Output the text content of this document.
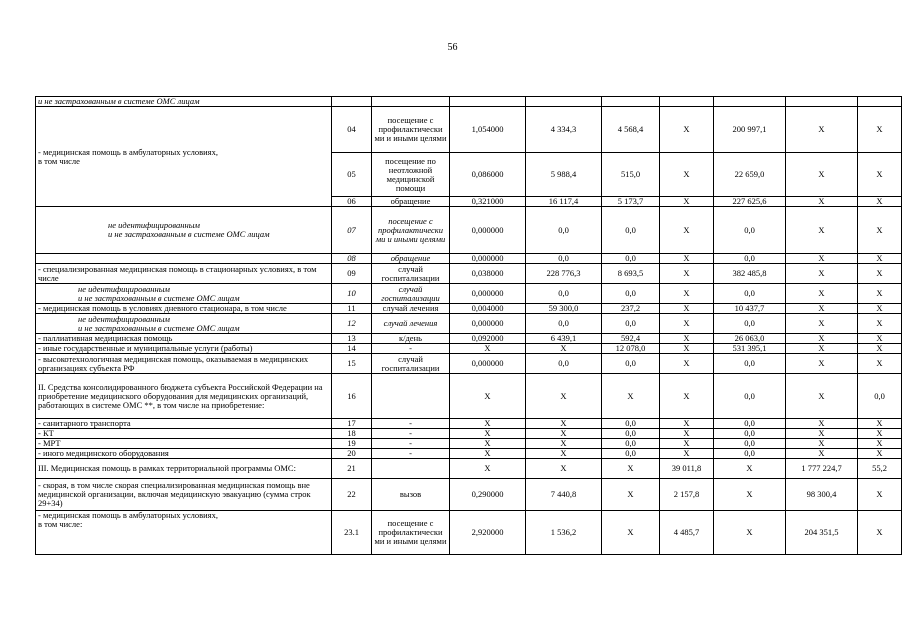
56
и не застрахованным в системе ОМС лицам									

- медицинская помощь в амбулаторных условиях,
в том числе	04	посещение с профилактически ми и иными целями	1,054000	4 334,3	4 568,4	X	200 997,1	X	X
	05	посещение по неотложной медицинской помощи	0,086000	5 988,4	515,0	X	22 659,0	X	X
	06	обращение	0,321000	16 117,4	5 173,7	X	227 625,6	X	X

не идентифицированным
и не застрахованным в системе ОМС лицам	07	посещение с профилактически ми и иными целями	0,000000	0,0	0,0	X	0,0	X	X

	08	обращение	0,000000	0,0	0,0	X	0,0	X	X

- специализированная медицинская помощь в стационарных условиях, в том числе	09	случай госпитализации	0,038000	228 776,3	8 693,5	X	382 485,8	X	X

не идентифицированным
и не застрахованным в системе ОМС лицам	10	случай госпитализации	0,000000	0,0	0,0	X	0,0	X	X

- медицинская помощь в условиях дневного стационара, в том числе	11	случай лечения	0,004000	59 300,0	237,2	X	10 437,7	X	X

не идентифицированным
и не застрахованным в системе ОМС лицам	12	случай лечения	0,000000	0,0	0,0	X	0,0	X	X

- паллиативная медицинская помощь	13	к/день	0,092000	6 439,1	592,4	X	26 063,0	X	X

- иные государственные и муниципальные услуги (работы)	14	-	X	X	12 078,0	X	531 395,1	X	X

- высокотехнологичная медицинская помощь, оказываемая в медицинских организациях субъекта РФ	15	случай госпитализации	0,000000	0,0	0,0	X	0,0	X	X

II. Средства консолидированного бюджета субъекта Российской Федерации на приобретение медицинского оборудования для медицинских организаций, работающих в системе ОМС **, в том числе на приобретение:	16		X	X	X	X	0,0	X	0,0

- санитарного транспорта	17	-	X	X	0,0	X	0,0	X	X

- КТ	18	-	X	X	0,0	X	0,0	X	X

- МРТ	19	-	X	X	0,0	X	0,0	X	X

- иного медицинского оборудования	20	-	X	X	0,0	X	0,0	X	X

III. Медицинская помощь в рамках территориальной программы ОМС:	21		X	X	X	39 011,8	X	1 777 224,7	55,2

- скорая, в том числе скорая специализированная медицинская помощь вне медицинской организации, включая медицинскую эвакуацию (сумма строк 29+34)	22	вызов	0,290000	7 440,8	X	2 157,8	X	98 300,4	X

- медицинская помощь в амбулаторных условиях,
в том числе:	23.1	посещение с профилактически ми и иными целями	2,920000	1 536,2	X	4 485,7	X	204 351,5	X
